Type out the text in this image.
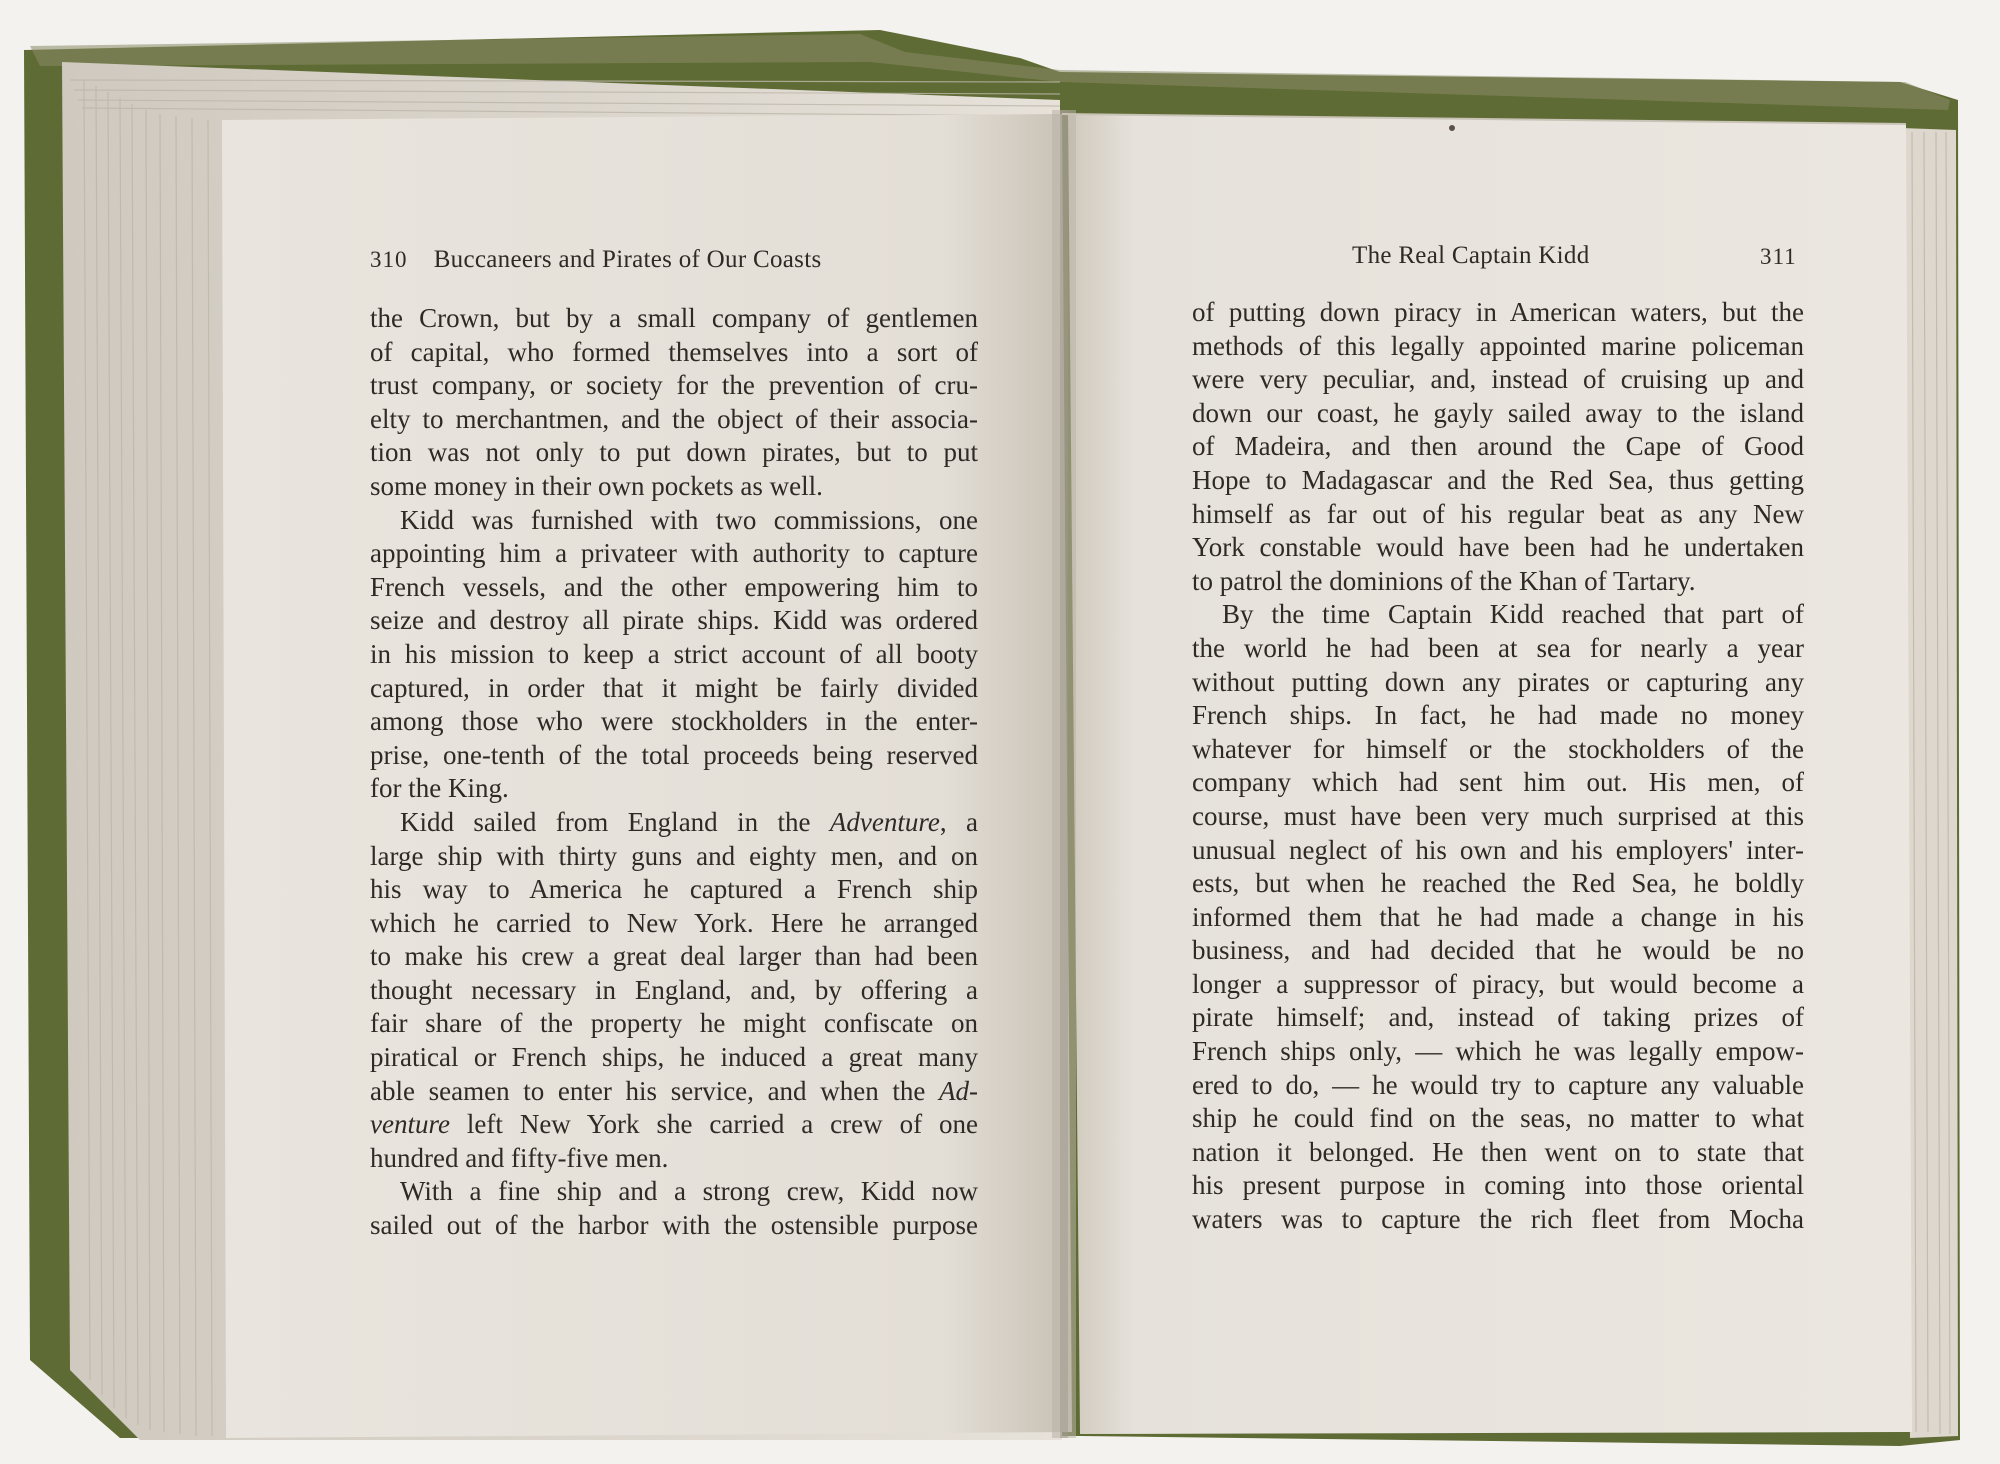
310 Buccaneers and Pirates of Our Coasts

the Crown, but by a small company of gentlemen

of capital, who formed themselves into a sort of

trust company, or society for the prevention of cru-

elty to merchantmen, and the object of their associa-

tion was not only to put down pirates, but to put

some money in their own pockets as well.

Kidd was furnished with two commissions, one

appointing him a privateer with authority to capture

French vessels, and the other empowering him to

seize and destroy all pirate ships. Kidd was ordered

in his mission to keep a strict account of all booty

captured, in order that it might be fairly divided

among those who were stockholders in the enter-

prise, one-tenth of the total proceeds being reserved

for the King.

Kidd sailed from England in the Adventure, a

large ship with thirty guns and eighty men, and on

his way to America he captured a French ship

which he carried to New York. Here he arranged

to make his crew a great deal larger than had been

thought necessary in England, and, by offering a

fair share of the property he might confiscate on

piratical or French ships, he induced a great many

able seamen to enter his service, and when the Ad-

venture left New York she carried a crew of one

hundred and fifty-five men.

With a fine ship and a strong crew, Kidd now

sailed out of the harbor with the ostensible purpose

The Real Captain Kidd	311

of putting down piracy in American waters, but the

methods of this legally appointed marine policeman

were very peculiar, and, instead of cruising up and

down our coast, he gayly sailed away to the island

of Madeira, and then around the Cape of Good

Hope to Madagascar and the Red Sea, thus getting

himself as far out of his regular beat as any New

York constable would have been had he undertaken

to patrol the dominions of the Khan of Tartary.

By the time Captain Kidd reached that part of

the world he had been at sea for nearly a year

without putting down any pirates or capturing any

French ships. In fact, he had made no money

whatever for himself or the stockholders of the

company which had sent him out. His men, of

course, must have been very much surprised at this

unusual neglect of his own and his employers' inter-

ests, but when he reached the Red Sea, he boldly

informed them that he had made a change in his

business, and had decided that he would be no

longer a suppressor of piracy, but would become a

pirate himself; and, instead of taking prizes of

French ships only, — which he was legally empow-

ered to do, — he would try to capture any valuable

ship he could find on the seas, no matter to what

nation it belonged. He then went on to state that

his present purpose in coming into those oriental

waters was to capture the rich fleet from Mocha
